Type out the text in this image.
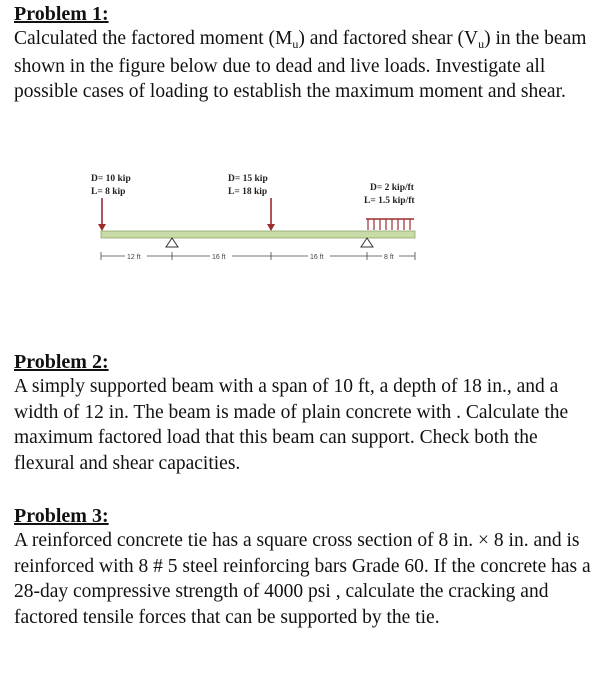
Problem 1:

Calculated the factored moment $(M_u)$ and factored shear $(V_u)$ in the beam shown in the figure below due to dead and live loads. Investigate all possible cases of loading to establish the maximum moment and shear.

D= 10 kip
L= 8 kip
D= 15 kip
L= 18 kip	D= 2 kip/ft
L= 1.5 kip/ft
12 ft	16 ft	16 ft	8 ft
Problem 2:

A simply supported beam with a span of 10 ft, a depth of 18 in., and a width of 12 in. The beam is made of plain concrete with . Calculate the maximum factored load that this beam can support. Check both the flexural and shear capacities.

Problem 3:

A reinforced concrete tie has a square cross section of 8 in. × 8 in. and is reinforced with 8 # 5 steel reinforcing bars Grade 60. If the concrete has a 28-day compressive strength of 4000 psi , calculate the cracking and factored tensile forces that can be supported by the tie.
